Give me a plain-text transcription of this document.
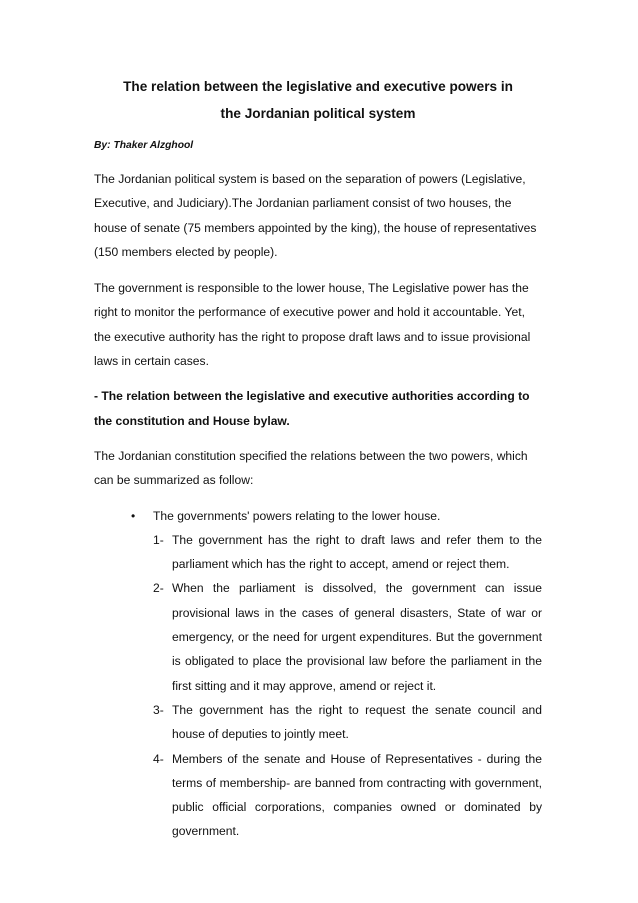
The relation between the legislative and executive powers in
the Jordanian political system

By: Thaker Alzghool

The Jordanian political system is based on the separation of powers (Legislative, Executive, and Judiciary).The Jordanian parliament consist of two houses, the house of senate (75 members appointed by the king), the house of representatives (150 members elected by people).

The government is responsible to the lower house, The Legislative power has the right to monitor the performance of executive power and hold it accountable. Yet, the executive authority has the right to propose draft laws and to issue provisional laws in certain cases.

- The relation between the legislative and executive authorities according to the constitution and House bylaw.

The Jordanian constitution specified the relations between the two powers, which can be summarized as follow:

• The governments' powers relating to the lower house.
1- The government has the right to draft laws and refer them to the parliament which has the right to accept, amend or reject them.
2- When the parliament is dissolved, the government can issue provisional laws in the cases of general disasters, State of war or emergency, or the need for urgent expenditures. But the government is obligated to place the provisional law before the parliament in the first sitting and it may approve, amend or reject it.
3- The government has the right to request the senate council and house of deputies to jointly meet.
4- Members of the senate and House of Representatives - during the terms of membership- are banned from contracting with government, public official corporations, companies owned or dominated by government.
